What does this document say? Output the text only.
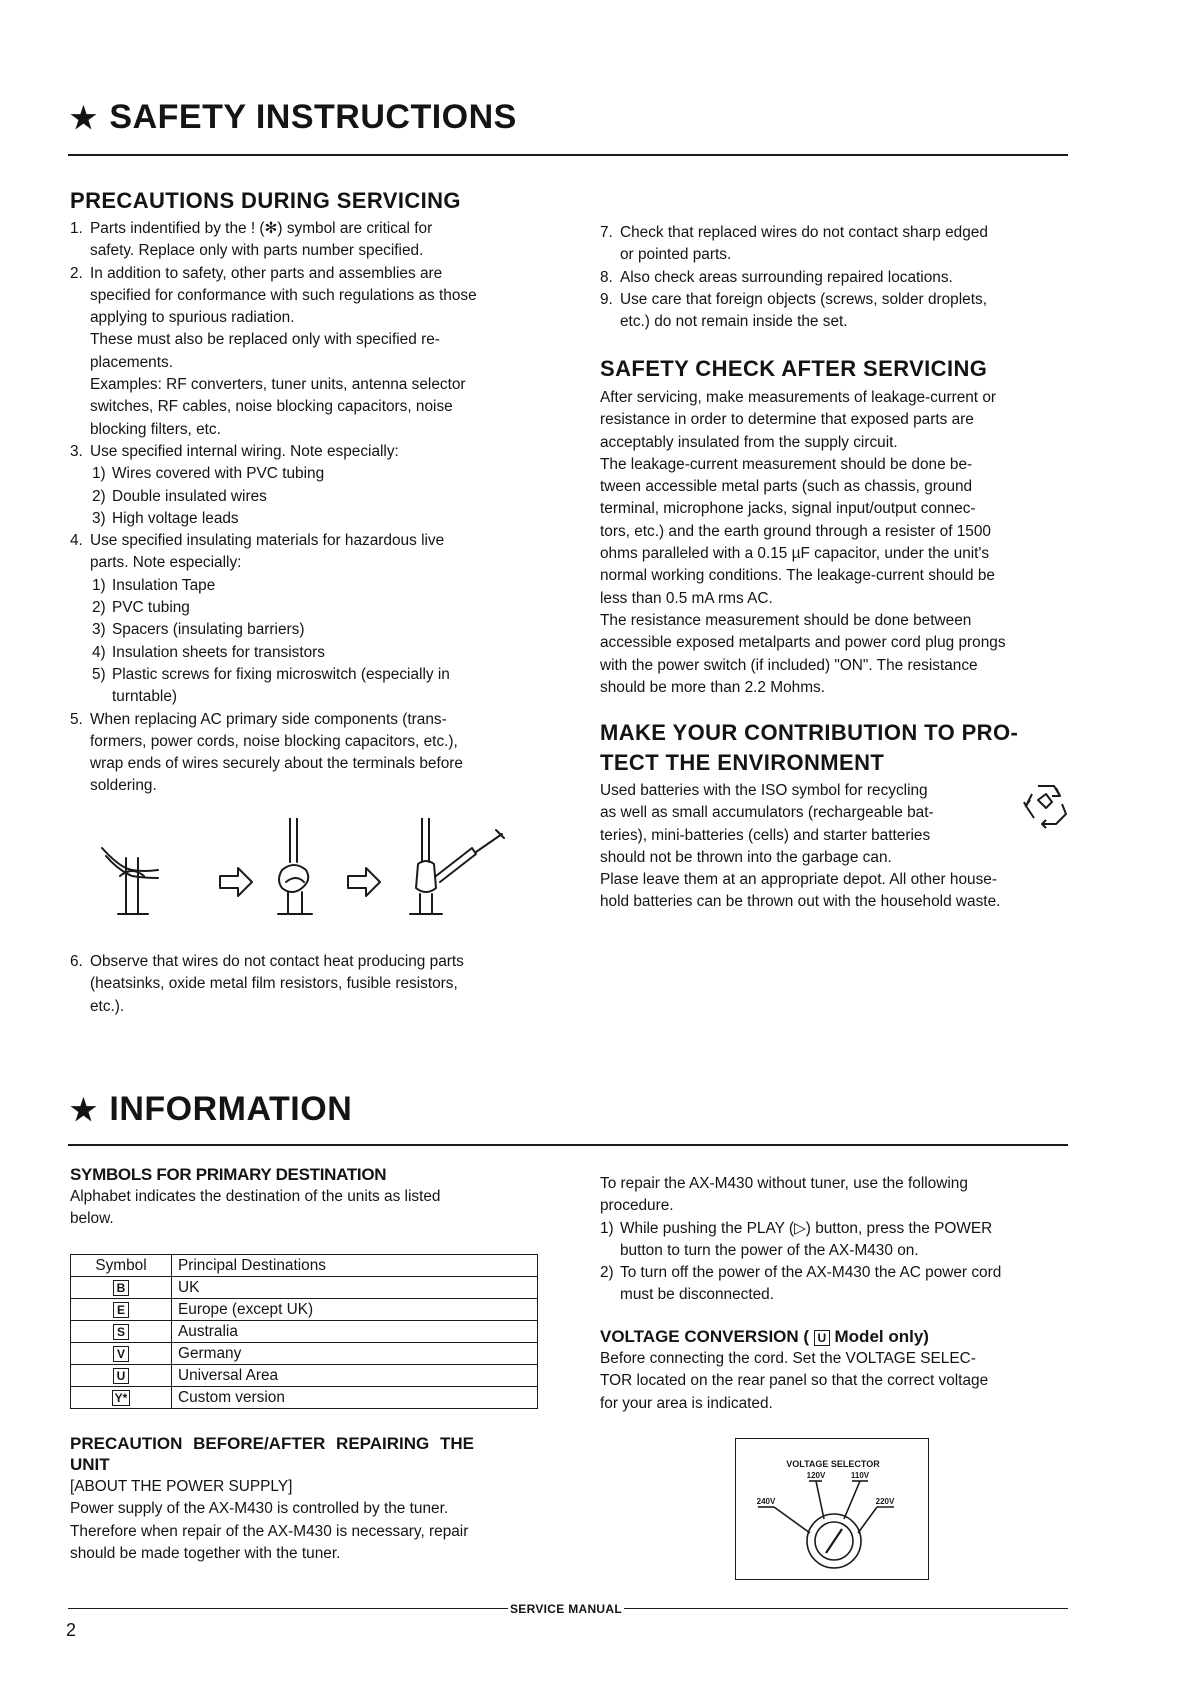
★ SAFETY INSTRUCTIONS
PRECAUTIONS DURING SERVICING
1. Parts indentified by the ! (✻) symbol are critical for
safety. Replace only with parts number specified.
2. In addition to safety, other parts and assemblies are
specified for conformance with such regulations as those
applying to spurious radiation.
These must also be replaced only with specified re-
placements.
Examples: RF converters, tuner units, antenna selector
switches, RF cables, noise blocking capacitors, noise
blocking filters, etc.
3. Use specified internal wiring. Note especially:
1) Wires covered with PVC tubing
2) Double insulated wires
3) High voltage leads
4. Use specified insulating materials for hazardous live
parts. Note especially:
1) Insulation Tape
2) PVC tubing
3) Spacers (insulating barriers)
4) Insulation sheets for transistors
5) Plastic screws for fixing microswitch (especially in
turntable)
5. When replacing AC primary side components (trans-
formers, power cords, noise blocking capacitors, etc.),
wrap ends of wires securely about the terminals before
soldering.
6. Observe that wires do not contact heat producing parts
(heatsinks, oxide metal film resistors, fusible resistors,
etc.).
7. Check that replaced wires do not contact sharp edged
or pointed parts.
8. Also check areas surrounding repaired locations.
9. Use care that foreign objects (screws, solder droplets,
etc.) do not remain inside the set.
SAFETY CHECK AFTER SERVICING
After servicing, make measurements of leakage-current or
resistance in order to determine that exposed parts are
acceptably insulated from the supply circuit.
The leakage-current measurement should be done be-
tween accessible metal parts (such as chassis, ground
terminal, microphone jacks, signal input/output connec-
tors, etc.) and the earth ground through a resister of 1500
ohms paralleled with a 0.15 µF capacitor, under the unit's
normal working conditions. The leakage-current should be
less than 0.5 mA rms AC.
The resistance measurement should be done between
accessible exposed metalparts and power cord plug prongs
with the power switch (if included) "ON". The resistance
should be more than 2.2 Mohms.
MAKE YOUR CONTRIBUTION TO PRO-
TECT THE ENVIRONMENT
Used batteries with the ISO symbol for recycling
as well as small accumulators (rechargeable bat-
teries), mini-batteries (cells) and starter batteries
should not be thrown into the garbage can.
Plase leave them at an appropriate depot. All other house-
hold batteries can be thrown out with the household waste.
★ INFORMATION
SYMBOLS FOR PRIMARY DESTINATION
Alphabet indicates the destination of the units as listed
below.
Symbol	Principal Destinations
B	UK
E	Europe (except UK)
S	Australia
V	Germany
U	Universal Area
Y*	Custom version
PRECAUTION BEFORE/AFTER REPAIRING THE
UNIT
[ABOUT THE POWER SUPPLY]
Power supply of the AX-M430 is controlled by the tuner.
Therefore when repair of the AX-M430 is necessary, repair
should be made together with the tuner.
To repair the AX-M430 without tuner, use the following
procedure.
1) While pushing the PLAY (▷) button, press the POWER
button to turn the power of the AX-M430 on.
2) To turn off the power of the AX-M430 the AC power cord
must be disconnected.
VOLTAGE CONVERSION ( U Model only)
Before connecting the cord. Set the VOLTAGE SELEC-
TOR located on the rear panel so that the correct voltage
for your area is indicated.
VOLTAGE SELECTOR
120V	110V
240V	220V
SERVICE MANUAL
2
